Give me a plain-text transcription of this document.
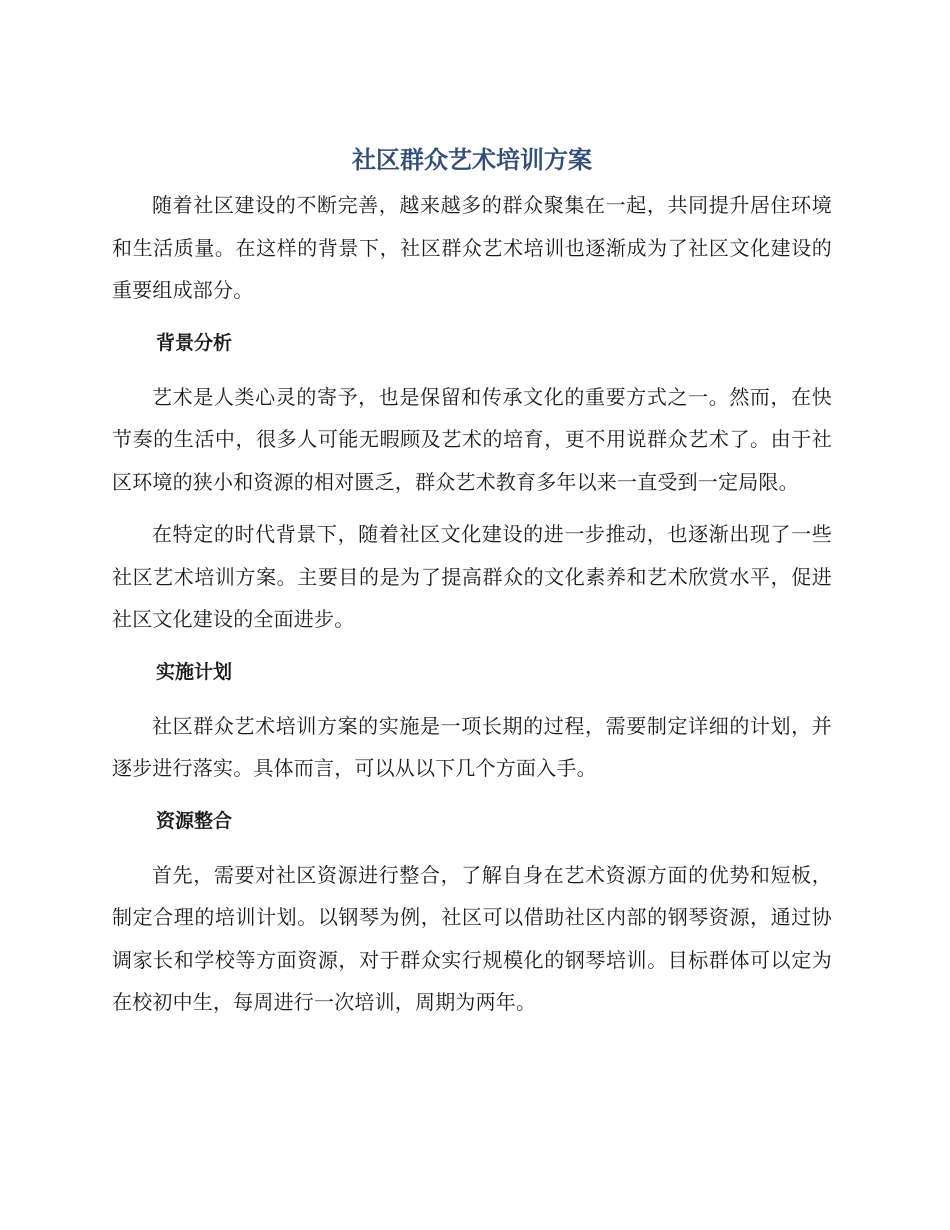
社区群众艺术培训方案

随着社区建设的不断完善，越来越多的群众聚集在一起，共同提升居住环境和生活质量。在这样的背景下，社区群众艺术培训也逐渐成为了社区文化建设的重要组成部分。

背景分析

艺术是人类心灵的寄予，也是保留和传承文化的重要方式之一。然而，在快节奏的生活中，很多人可能无暇顾及艺术的培育，更不用说群众艺术了。由于社区环境的狭小和资源的相对匮乏，群众艺术教育多年以来一直受到一定局限。

在特定的时代背景下，随着社区文化建设的进一步推动，也逐渐出现了一些社区艺术培训方案。主要目的是为了提高群众的文化素养和艺术欣赏水平，促进社区文化建设的全面进步。

实施计划

社区群众艺术培训方案的实施是一项长期的过程，需要制定详细的计划，并逐步进行落实。具体而言，可以从以下几个方面入手。

资源整合

首先，需要对社区资源进行整合，了解自身在艺术资源方面的优势和短板，制定合理的培训计划。以钢琴为例，社区可以借助社区内部的钢琴资源，通过协调家长和学校等方面资源，对于群众实行规模化的钢琴培训。目标群体可以定为在校初中生，每周进行一次培训，周期为两年。
